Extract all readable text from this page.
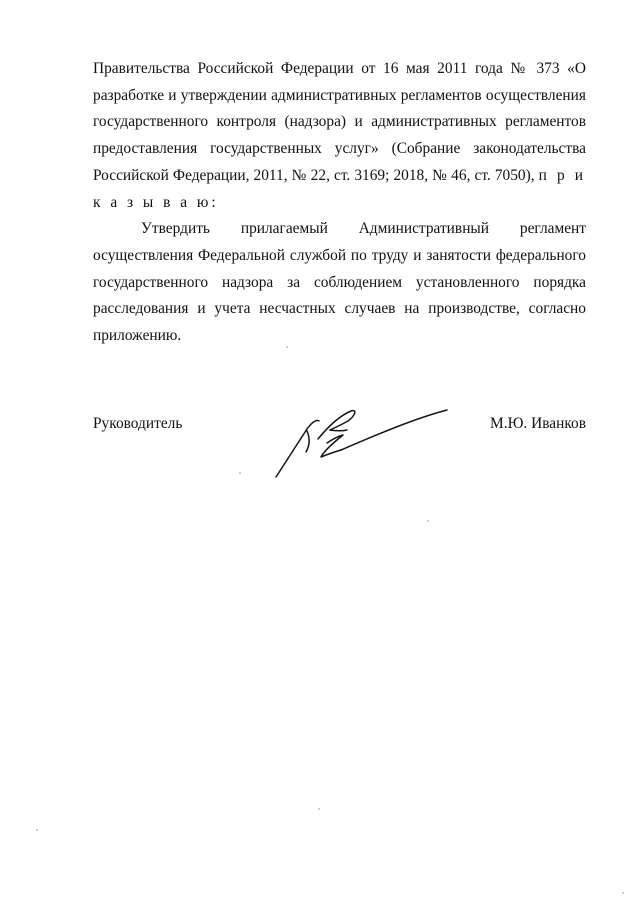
Правительства Российской Федерации от 16 мая 2011 года № 373 «О разработке и утверждении административных регламентов осуществления государственного контроля (надзора) и административных регламентов предоставления государственных услуг» (Собрание законодательства Российской Федерации, 2011, № 22, ст. 3169; 2018, № 46, ст. 7050), п р и к а з ы в а ю:

Утвердить прилагаемый Административный регламент осуществления Федеральной службой по труду и занятости федерального государственного надзора за соблюдением установленного порядка расследования и учета несчастных случаев на производстве, согласно приложению.

Руководитель	М.Ю. Иванков
